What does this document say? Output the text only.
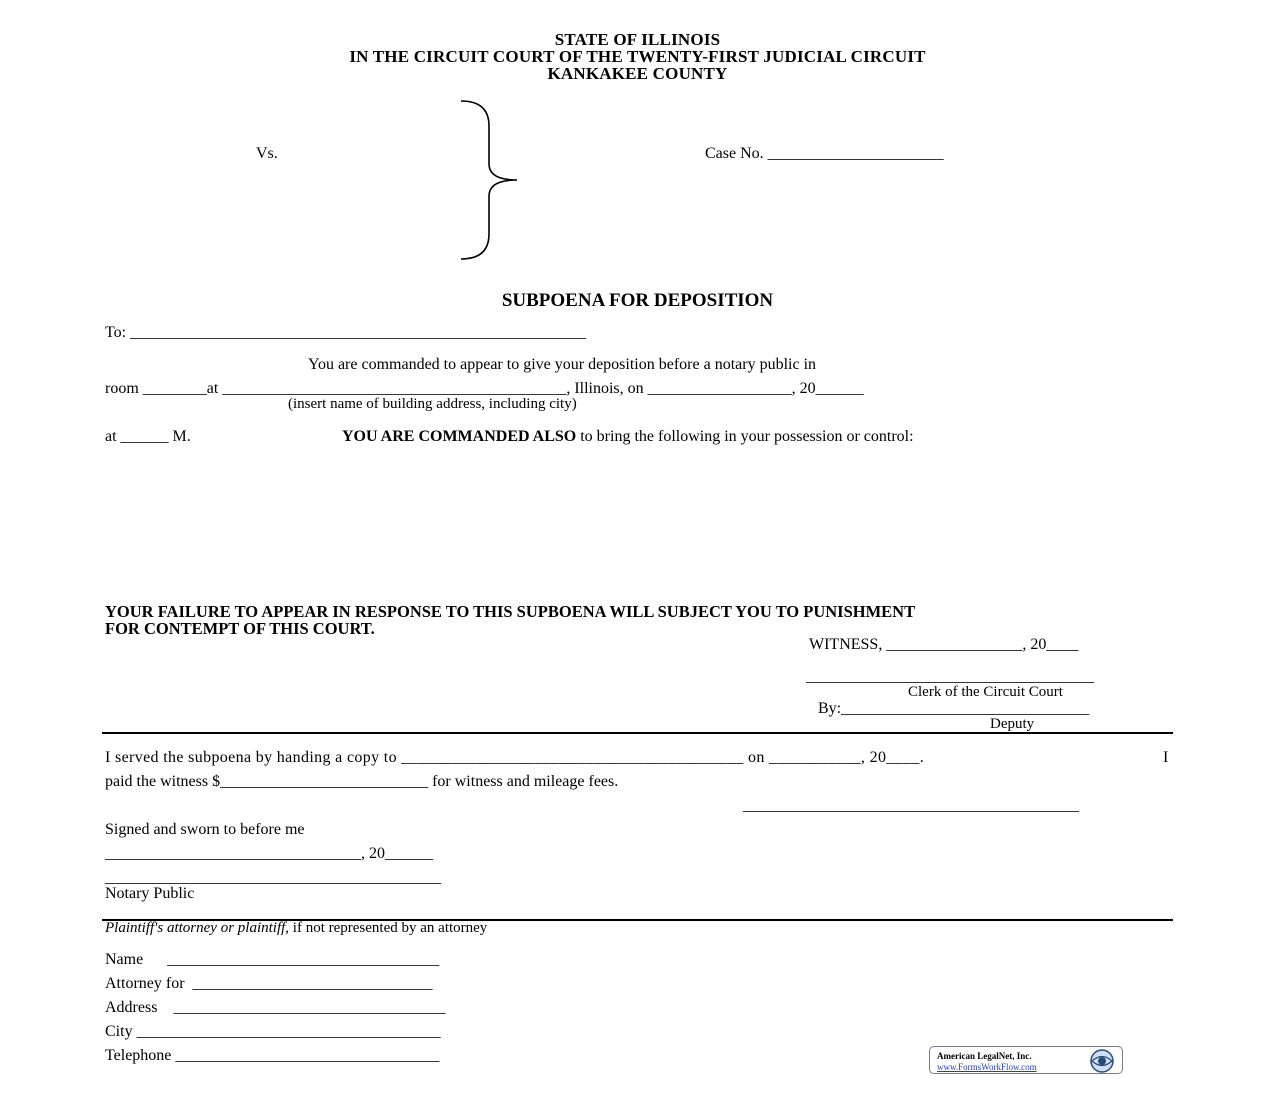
STATE OF ILLINOIS
IN THE CIRCUIT COURT OF THE TWENTY-FIRST JUDICIAL CIRCUIT
KANKAKEE COUNTY
Vs.	Case No. ______________________
SUBPOENA FOR DEPOSITION
To: _________________________________________________________
You are commanded to appear to give your deposition before a notary public in
room ________at ___________________________________________, Illinois, on __________________, 20______
(insert name of building address, including city)
at ______ M.	YOU ARE COMMANDED ALSO to bring the following in your possession or control:
YOUR FAILURE TO APPEAR IN RESPONSE TO THIS SUPBOENA WILL SUBJECT YOU TO PUNISHMENT
FOR CONTEMPT OF THIS COURT.
WITNESS, _________________, 20____
____________________________________
Clerk of the Circuit Court
By:_______________________________
Deputy
I served the subpoena by handing a copy to _________________________________________ on ___________, 20____.	I
paid the witness $__________________________ for witness and mileage fees.
__________________________________________
Signed and sworn to before me
________________________________, 20______
__________________________________________
Notary Public
Plaintiff's attorney or plaintiff, if not represented by an attorney
Name      __________________________________
Attorney for  ______________________________
Address    __________________________________
City ______________________________________
Telephone _________________________________	American LegalNet, Inc.
www.FormsWorkFlow.com
